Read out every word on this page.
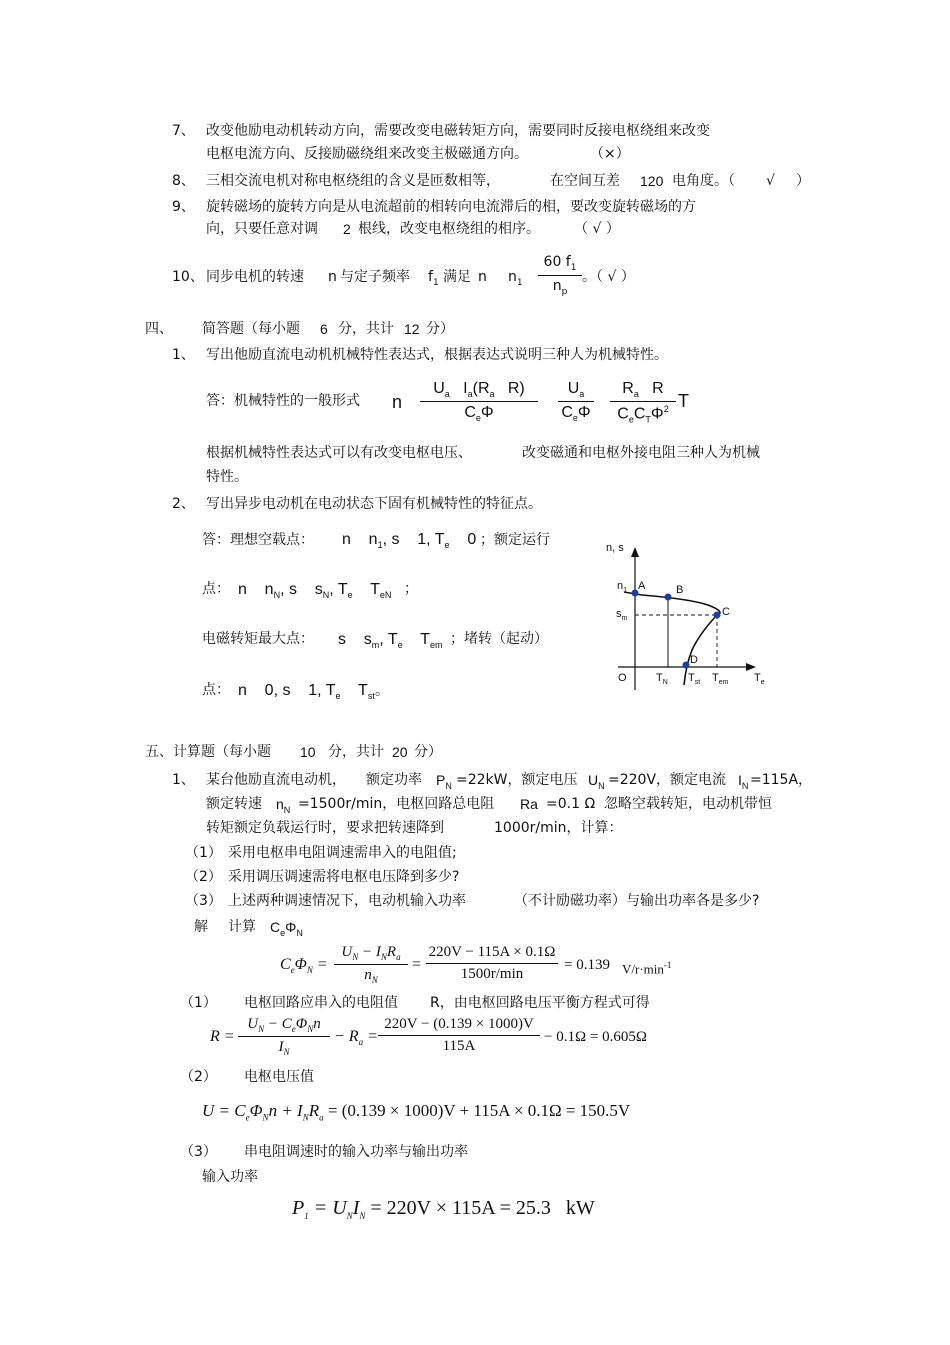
7、 改变他励电动机转动方向，需要改变电磁转矩方向，需要同时反接电枢绕组来改变
电枢电流方向、反接励磁绕组来改变主极磁通方向。	（×）
8、 三相交流电机对称电枢绕组的含义是匝数相等，	在空间互差 120 电角度。（ √ ）
9、 旋转磁场的旋转方向是从电流超前的相转向电流滞后的相，要改变旋转磁场的方
向，只要任意对调 2 根线，改变电枢绕组的相序。 （ √ ）
10、 同步电机的转速 n 与定子频率 $f_1$ 满足 n $n_1$
60 $f_1$
$n_p$
。（ √ ）
四、 简答题（每小题 6 分，共计 12 分）
1、 写出他励直流电动机机械特性表达式，根据表达式说明三种人为机械特性。
答：机械特性的一般形式 n
$U_a$ $I_a(R_a$ R)
$C_e\Phi$
$U_a$
$C_e\Phi$
$R_a$ R
$C_eC_T\Phi^2$ T
根据机械特性表达式可以有改变电枢电压、	改变磁通和电枢外接电阻三种人为机械
特性。
2、 写出异步电动机在电动状态下固有机械特性的特征点。
答：理想空载点： n    $n_1$, s    1, $T_e$    0 ；额定运行
点： n    $n_N$, s    $s_N$, $T_e$    $T_{eN}$ ；
电磁转矩最大点： s    $s_m$, $T_e$    $T_{em}$ ；堵转（起动）
点： n    0, s    1, $T_e$    $T_{st}$ 。
n, s
O	$T_e$
$n_1$
$s_m$
A	B
C
D
$T_N$ $T_{st}$ $T_{em}$
五、计算题（每小题 10 分，共计 20 分）
1、 某台他励直流电动机， 额定功率 $P_N =22kW$，额定电压 $U_N =220V$，额定电流 $I_N =115A$，
额定转速 $n_N =1500r/\min$，电枢回路总电阻 Ra =0.1 Ω 忽略空载转矩，电动机带恒
转矩额定负载运行时，要求把转速降到	1000r/min，计算：
（1） 采用电枢串电阻调速需串入的电阻值;
（2） 采用调压调速需将电枢电压降到多少?
（3） 上述两种调速情况下，电动机输入功率	（不计励磁功率）与输出功率各是多少?
解 计算 $C_e\Phi_N$
$C_e\Phi_N$ =
$U_N - I_NR_a$
$n_N$
=
220V − 115A × 0.1Ω
1500r/min
= 0.139 $V/r\cdot\min^{-1}$
（1） 电枢回路应串入的电阻值 R，由电枢回路电压平衡方程式可得
R =
$U_N - C_e\Phi_Nn$
$I_N$
− $R_a$ =
220V − (0.139 × 1000)V
115A
− 0.1Ω = 0.605Ω
（2） 电枢电压值
$U = C_e\Phi_Nn + I_NR_a = (0.139 \times 1000)V + 115A \times 0.1\Omega = 150.5V$
（3） 串电阻调速时的输入功率与输出功率
输入功率
$P_1 = U_NI_N = 220V \times 115A = 25.3$ kW
